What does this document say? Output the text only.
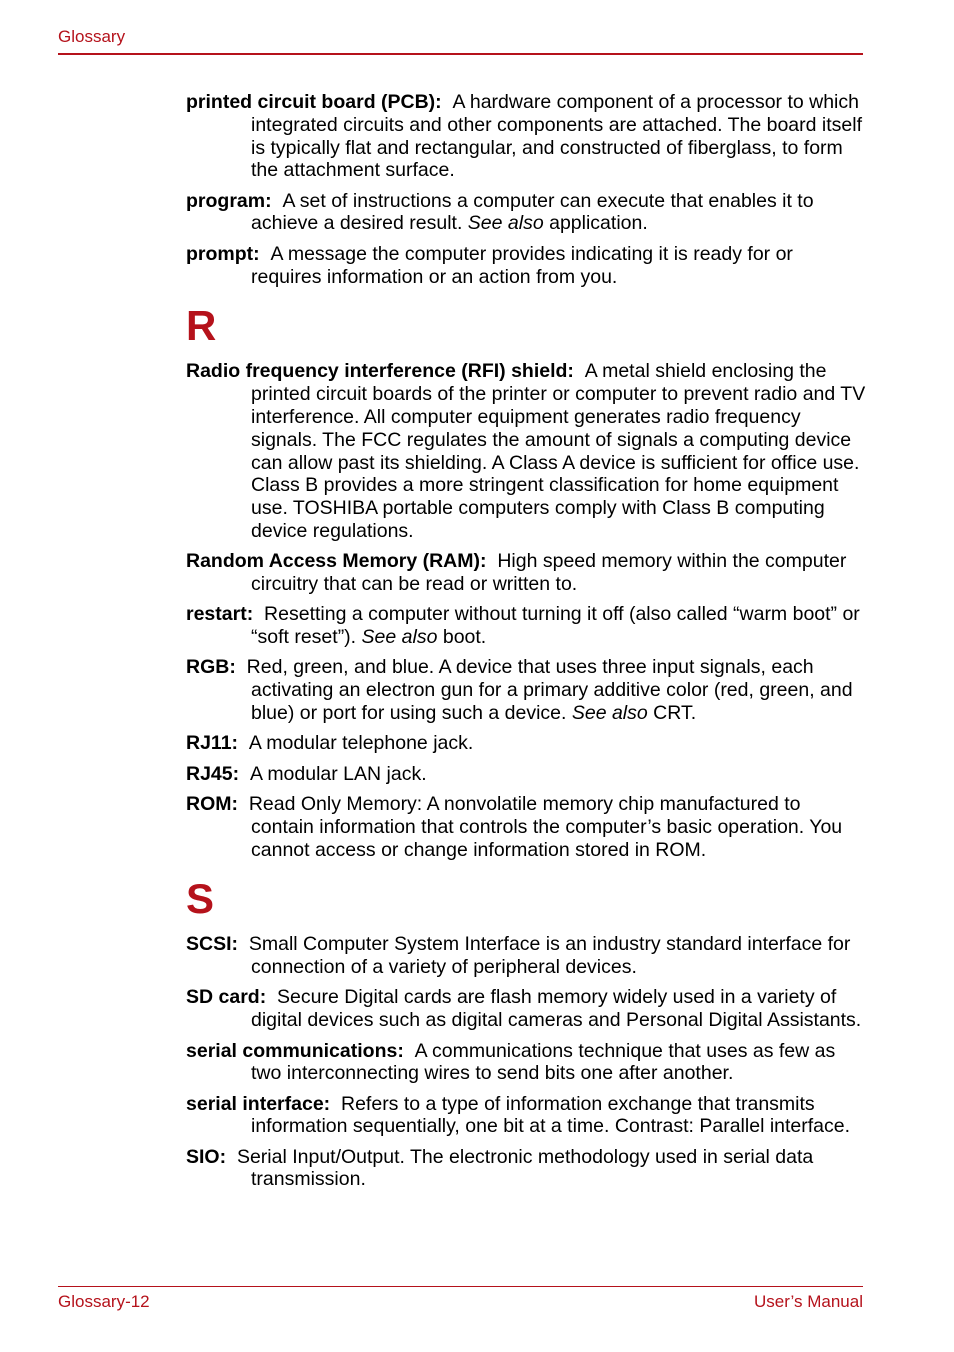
Glossary
printed circuit board (PCB): A hardware component of a processor to which integrated circuits and other components are attached. The board itself is typically flat and rectangular, and constructed of fiberglass, to form the attachment surface.
program: A set of instructions a computer can execute that enables it to achieve a desired result. See also application.
prompt: A message the computer provides indicating it is ready for or requires information or an action from you.
R
Radio frequency interference (RFI) shield: A metal shield enclosing the printed circuit boards of the printer or computer to prevent radio and TV interference. All computer equipment generates radio frequency signals. The FCC regulates the amount of signals a computing device can allow past its shielding. A Class A device is sufficient for office use. Class B provides a more stringent classification for home equipment use. TOSHIBA portable computers comply with Class B computing device regulations.
Random Access Memory (RAM): High speed memory within the computer circuitry that can be read or written to.
restart: Resetting a computer without turning it off (also called “warm boot” or “soft reset”). See also boot.
RGB: Red, green, and blue. A device that uses three input signals, each activating an electron gun for a primary additive color (red, green, and blue) or port for using such a device. See also CRT.
RJ11: A modular telephone jack.
RJ45: A modular LAN jack.
ROM: Read Only Memory: A nonvolatile memory chip manufactured to contain information that controls the computer’s basic operation. You cannot access or change information stored in ROM.
S
SCSI: Small Computer System Interface is an industry standard interface for connection of a variety of peripheral devices.
SD card: Secure Digital cards are flash memory widely used in a variety of digital devices such as digital cameras and Personal Digital Assistants.
serial communications: A communications technique that uses as few as two interconnecting wires to send bits one after another.
serial interface: Refers to a type of information exchange that transmits information sequentially, one bit at a time. Contrast: Parallel interface.
SIO: Serial Input/Output. The electronic methodology used in serial data transmission.
Glossary-12	User’s Manual
